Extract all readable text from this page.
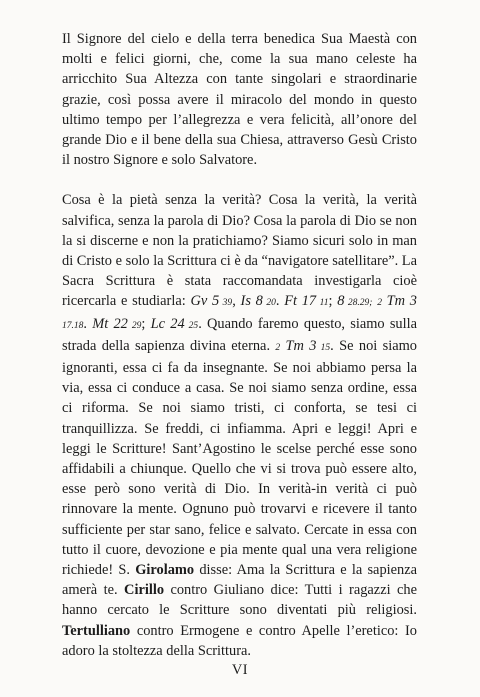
Il Signore del cielo e della terra benedica Sua Maestà con molti e felici giorni, che, come la sua mano celeste ha arricchito Sua Altezza con tante singolari e straordinarie grazie, così possa avere il miracolo del mondo in questo ultimo tempo per l’allegrezza e vera felicità, all’onore del grande Dio e il bene della sua Chiesa, attraverso Gesù Cristo il nostro Signore e solo Salvatore.

Cosa è la pietà senza la verità? Cosa la verità, la verità salvifica, senza la parola di Dio? Cosa la parola di Dio se non la si discerne e non la pratichiamo? Siamo sicuri solo in man di Cristo e solo la Scrittura ci è da “navigatore satellitare”. La Sacra Scrittura è stata raccomandata investigarla cioè ricercarla e studiarla: Gv 5 39, Is 8 20. Ft 17 11; 8 28.29; 2 Tm 3 17.18. Mt 22 29; Lc 24 25. Quando faremo questo, siamo sulla strada della sapienza divina eterna. 2 Tm 3 15. Se noi siamo ignoranti, essa ci fa da insegnante. Se noi abbiamo persa la via, essa ci conduce a casa. Se noi siamo senza ordine, essa ci riforma. Se noi siamo tristi, ci conforta, se tesi ci tranquillizza. Se freddi, ci infiamma. Apri e leggi! Apri e leggi le Scritture! Sant’Agostino le scelse perché esse sono affidabili a chiunque. Quello che vi si trova può essere alto, esse però sono verità di Dio. In verità-in verità ci può rinnovare la mente. Ognuno può trovarvi e ricevere il tanto sufficiente per star sano, felice e salvato. Cercate in essa con tutto il cuore, devozione e pia mente qual una vera religione richiede! S. Girolamo disse: Ama la Scrittura e la sapienza amerà te. Cirillo contro Giuliano dice: Tutti i ragazzi che hanno cercato le Scritture sono diventati più religiosi. Tertulliano contro Ermogene e contro Apelle l’eretico: Io adoro la stoltezza della Scrittura.

VI
